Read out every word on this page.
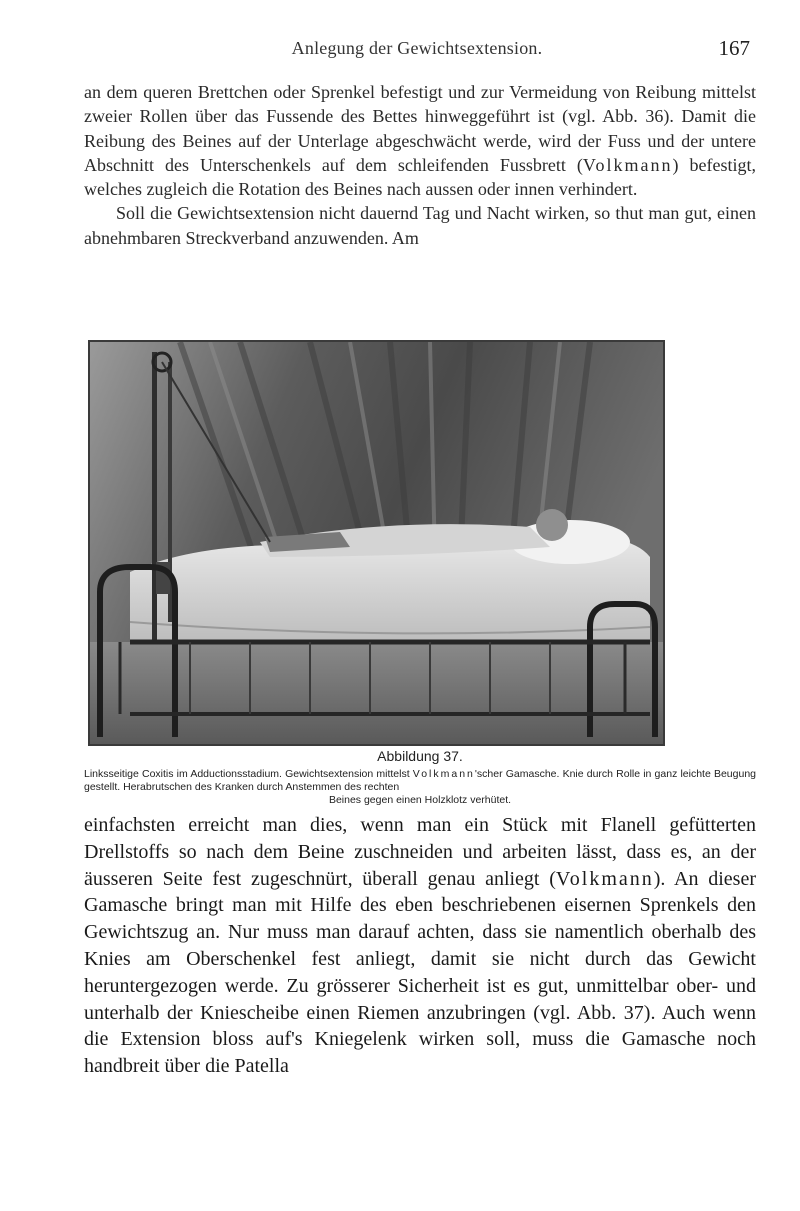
Anlegung der Gewichtsextension.	167

an dem queren Brettchen oder Sprenkel befestigt und zur Vermeidung von Reibung mittelst zweier Rollen über das Fussende des Bettes hinweggeführt ist (vgl. Abb. 36). Damit die Reibung des Beines auf der Unterlage abgeschwächt werde, wird der Fuss und der untere Abschnitt des Unterschenkels auf dem schleifenden Fussbrett (Volkmann) befestigt, welches zugleich die Rotation des Beines nach aussen oder innen verhindert.

Soll die Gewichtsextension nicht dauernd Tag und Nacht wirken, so thut man gut, einen abnehmbaren Streckverband anzuwenden. Am

Abbildung 37.
Linksseitige Coxitis im Adductionsstadium. Gewichtsextension mittelst Volkmann'scher Gamasche. Knie durch Rolle in ganz leichte Beugung gestellt. Herabrutschen des Kranken durch Anstemmen des rechten
Beines gegen einen Holzklotz verhütet.

einfachsten erreicht man dies, wenn man ein Stück mit Flanell gefütterten Drellstoffs so nach dem Beine zuschneiden und arbeiten lässt, dass es, an der äusseren Seite fest zugeschnürt, überall genau anliegt (Volkmann). An dieser Gamasche bringt man mit Hilfe des eben beschriebenen eisernen Sprenkels den Gewichtszug an. Nur muss man darauf achten, dass sie namentlich oberhalb des Knies am Oberschenkel fest anliegt, damit sie nicht durch das Gewicht heruntergezogen werde. Zu grösserer Sicherheit ist es gut, unmittelbar ober- und unterhalb der Kniescheibe einen Riemen anzubringen (vgl. Abb. 37). Auch wenn die Extension bloss auf's Kniegelenk wirken soll, muss die Gamasche noch handbreit über die Patella
